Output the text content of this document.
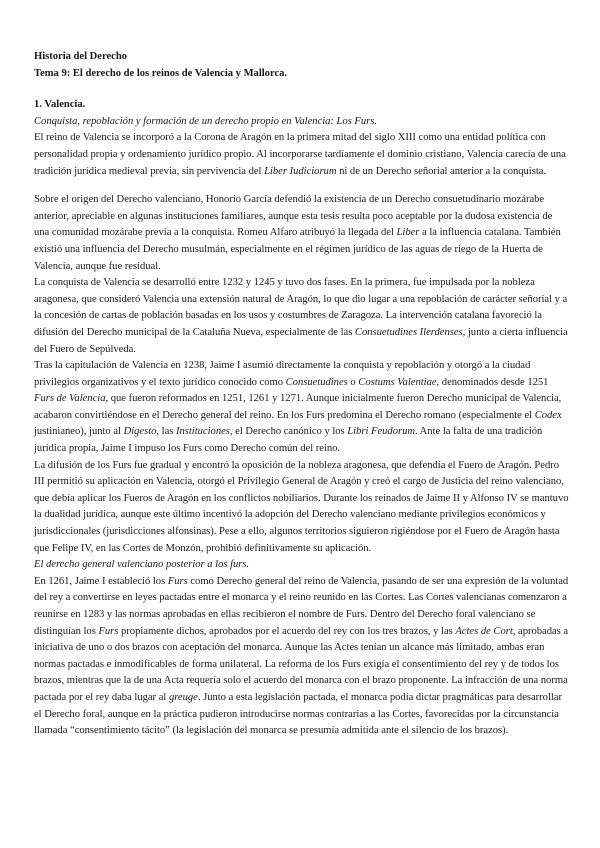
Historia del Derecho

Tema 9: El derecho de los reinos de Valencia y Mallorca.

1. Valencia.

Conquista, repoblación y formación de un derecho propio en Valencia: Los Furs.

El reino de Valencia se incorporó a la Corona de Aragón en la primera mitad del siglo XIII como una entidad política con personalidad propia y ordenamiento jurídico propio. Al incorporarse tardíamente el dominio cristiano, Valencia carecía de una tradición jurídica medieval previa, sin pervivencia del Liber Iudiciorum ni de un Derecho señorial anterior a la conquista.

Sobre el origen del Derecho valenciano, Honorio García defendió la existencia de un Derecho consuetudinario mozárabe anterior, apreciable en algunas instituciones familiares, aunque esta tesis resulta poco aceptable por la dudosa existencia de una comunidad mozárabe previa a la conquista. Romeu Alfaro atribuyó la llegada del Liber a la influencia catalana. También existió una influencia del Derecho musulmán, especialmente en el régimen jurídico de las aguas de riego de la Huerta de Valencia, aunque fue residual.

La conquista de Valencia se desarrolló entre 1232 y 1245 y tuvo dos fases. En la primera, fue impulsada por la nobleza aragonesa, que consideró Valencia una extensión natural de Aragón, lo que dio lugar a una repoblación de carácter señorial y a la concesión de cartas de población basadas en los usos y costumbres de Zaragoza. La intervención catalana favoreció la difusión del Derecho municipal de la Cataluña Nueva, especialmente de las Consuetudines Ilerdenses, junto a cierta influencia del Fuero de Sepúlveda.

Tras la capitulación de Valencia en 1238, Jaime I asumió directamente la conquista y repoblación y otorgó a la ciudad privilegios organizativos y el texto jurídico conocido como Consuetudines o Costums Valentiae, denominados desde 1251 Furs de Valencia, que fueron reformados en 1251, 1261 y 1271. Aunque inicialmente fueron Derecho municipal de Valencia, acabaron convirtiéndose en el Derecho general del reino. En los Furs predomina el Derecho romano (especialmente el Codex justinianeo), junto al Digesto, las Instituciones, el Derecho canónico y los Libri Feudorum. Ante la falta de una tradición jurídica propia, Jaime I impuso los Furs como Derecho común del reino.

La difusión de los Furs fue gradual y encontró la oposición de la nobleza aragonesa, que defendía el Fuero de Aragón. Pedro III permitió su aplicación en Valencia, otorgó el Privilegio General de Aragón y creó el cargo de Justicia del reino valenciano, que debía aplicar los Fueros de Aragón en los conflictos nobiliarios. Durante los reinados de Jaime II y Alfonso IV se mantuvo la dualidad jurídica, aunque este último incentivó la adopción del Derecho valenciano mediante privilegios económicos y jurisdiccionales (jurisdicciones alfonsinas). Pese a ello, algunos territorios siguieron rigiéndose por el Fuero de Aragón hasta que Felipe IV, en las Cortes de Monzón, prohibió definitivamente su aplicación.

El derecho general valenciano posterior a los furs.

En 1261, Jaime I estableció los Furs como Derecho general del reino de Valencia, pasando de ser una expresión de la voluntad del rey a convertirse en leyes pactadas entre el monarca y el reino reunido en las Cortes. Las Cortes valencianas comenzaron a reunirse en 1283 y las normas aprobadas en ellas recibieron el nombre de Furs. Dentro del Derecho foral valenciano se distinguían los Furs propiamente dichos, aprobados por el acuerdo del rey con los tres brazos, y las Actes de Cort, aprobadas a iniciativa de uno o dos brazos con aceptación del monarca. Aunque las Actes tenían un alcance más limitado, ambas eran normas pactadas e inmodificables de forma unilateral. La reforma de los Furs exigía el consentimiento del rey y de todos los brazos, mientras que la de una Acta requería solo el acuerdo del monarca con el brazo proponente. La infracción de una norma pactada por el rey daba lugar al greuge. Junto a esta legislación pactada, el monarca podía dictar pragmáticas para desarrollar el Derecho foral, aunque en la práctica pudieron introducirse normas contrarias a las Cortes, favorecidas por la circunstancia llamada “consentimiento tácito” (la legislación del monarca se presumía admitida ante el silencio de los brazos).
